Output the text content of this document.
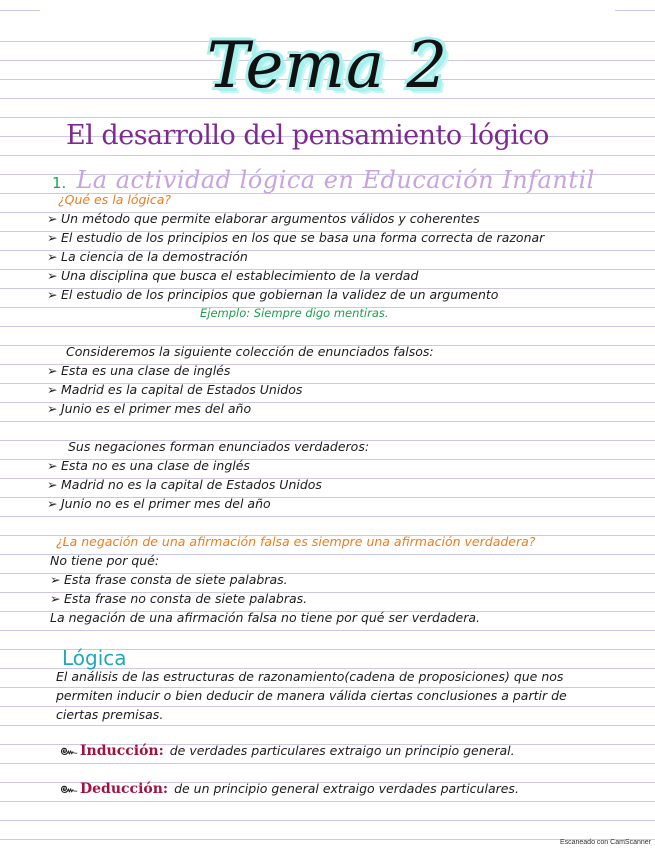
Tema 2
El desarrollo del pensamiento lógico
1. La actividad lógica en Educación Infantil
¿Qué es la lógica?
➢ Un método que permite elaborar argumentos válidos y coherentes
➢ El estudio de los principios en los que se basa una forma correcta de razonar
➢ La ciencia de la demostración
➢ Una disciplina que busca el establecimiento de la verdad
➢ El estudio de los principios que gobiernan la validez de un argumento
Ejemplo: Siempre digo mentiras.
Consideremos la siguiente colección de enunciados falsos:
➢ Esta es una clase de inglés
➢ Madrid es la capital de Estados Unidos
➢ Junio es el primer mes del año
Sus negaciones forman enunciados verdaderos:
➢ Esta no es una clase de inglés
➢ Madrid no es la capital de Estados Unidos
➢ Junio no es el primer mes del año
¿La negación de una afirmación falsa es siempre una afirmación verdadera?
No tiene por qué:
➢ Esta frase consta de siete palabras.
➢ Esta frase no consta de siete palabras.
La negación de una afirmación falsa no tiene por qué ser verdadera.
Lógica
El análisis de las estructuras de razonamiento(cadena de proposiciones) que nos
permiten inducir o bien deducir de manera válida ciertas conclusiones a partir de
ciertas premisas.
๛ Inducción: de verdades particulares extraigo un principio general.
๛ Deducción: de un principio general extraigo verdades particulares.
Escaneado con CamScanner
